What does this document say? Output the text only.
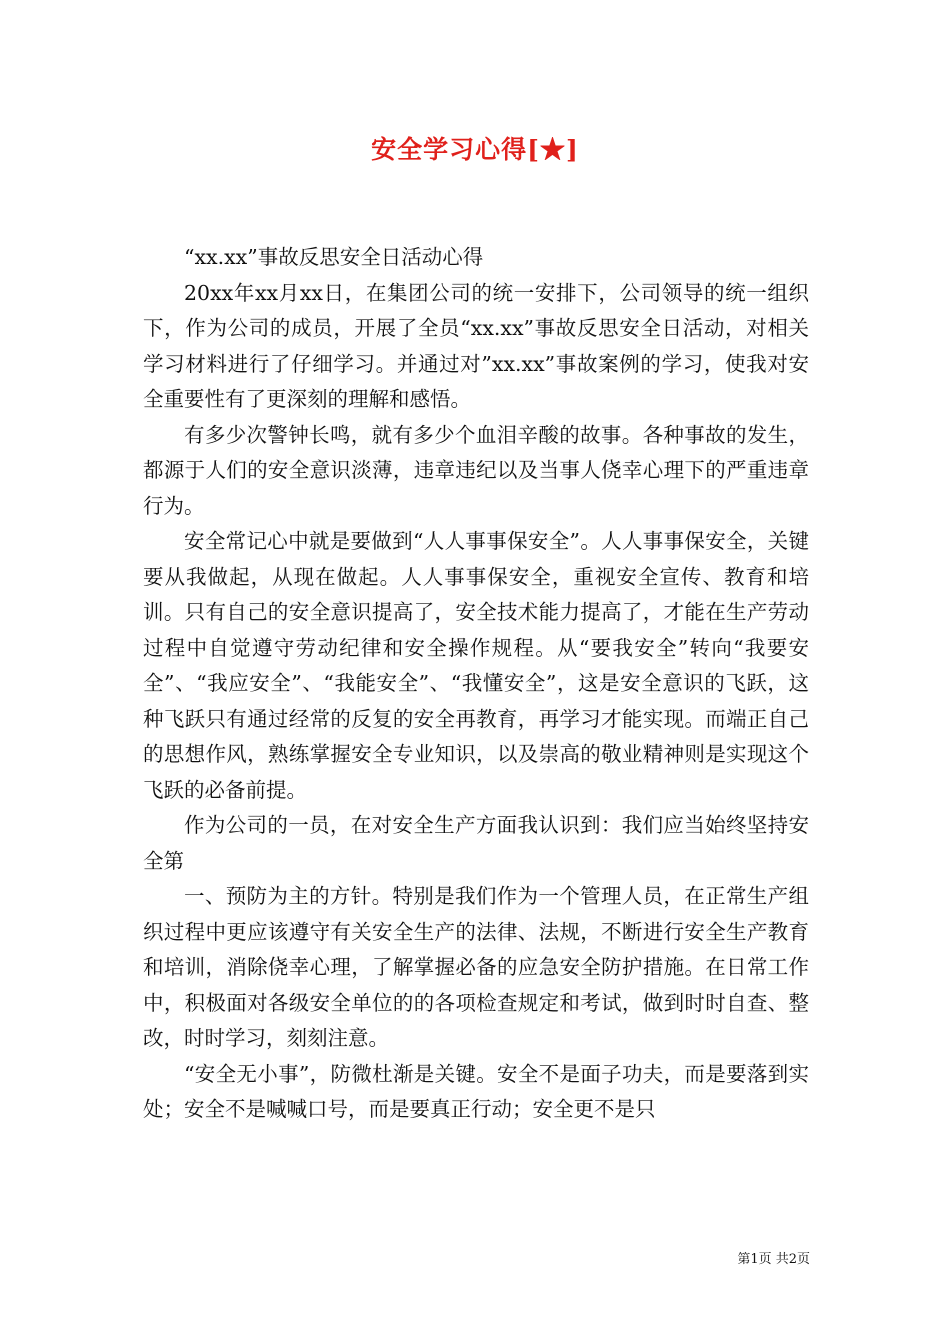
安全学习心得[★]

“xx.xx”事故反思安全日活动心得

20xx年xx月xx日，在集团公司的统一安排下，公司领导的统一组织下，作为公司的成员，开展了全员“xx.xx”事故反思安全日活动，对相关学习材料进行了仔细学习。并通过对”xx.xx”事故案例的学习，使我对安全重要性有了更深刻的理解和感悟。

有多少次警钟长鸣，就有多少个血泪辛酸的故事。各种事故的发生，都源于人们的安全意识淡薄，违章违纪以及当事人侥幸心理下的严重违章行为。

安全常记心中就是要做到“人人事事保安全”。人人事事保安全，关键要从我做起，从现在做起。人人事事保安全，重视安全宣传、教育和培训。只有自己的安全意识提高了，安全技术能力提高了，才能在生产劳动过程中自觉遵守劳动纪律和安全操作规程。从“要我安全”转向“我要安全”、“我应安全”、“我能安全”、“我懂安全”，这是安全意识的飞跃，这种飞跃只有通过经常的反复的安全再教育，再学习才能实现。而端正自己的思想作风，熟练掌握安全专业知识，以及崇高的敬业精神则是实现这个飞跃的必备前提。

作为公司的一员，在对安全生产方面我认识到：我们应当始终坚持安全第

一、预防为主的方针。特别是我们作为一个管理人员，在正常生产组织过程中更应该遵守有关安全生产的法律、法规，不断进行安全生产教育和培训，消除侥幸心理，了解掌握必备的应急安全防护措施。在日常工作中，积极面对各级安全单位的的各项检查规定和考试，做到时时自查、整改，时时学习，刻刻注意。

“安全无小事”，防微杜渐是关键。安全不是面子功夫，而是要落到实处；安全不是喊喊口号，而是要真正行动；安全更不是只

第1页 共2页
